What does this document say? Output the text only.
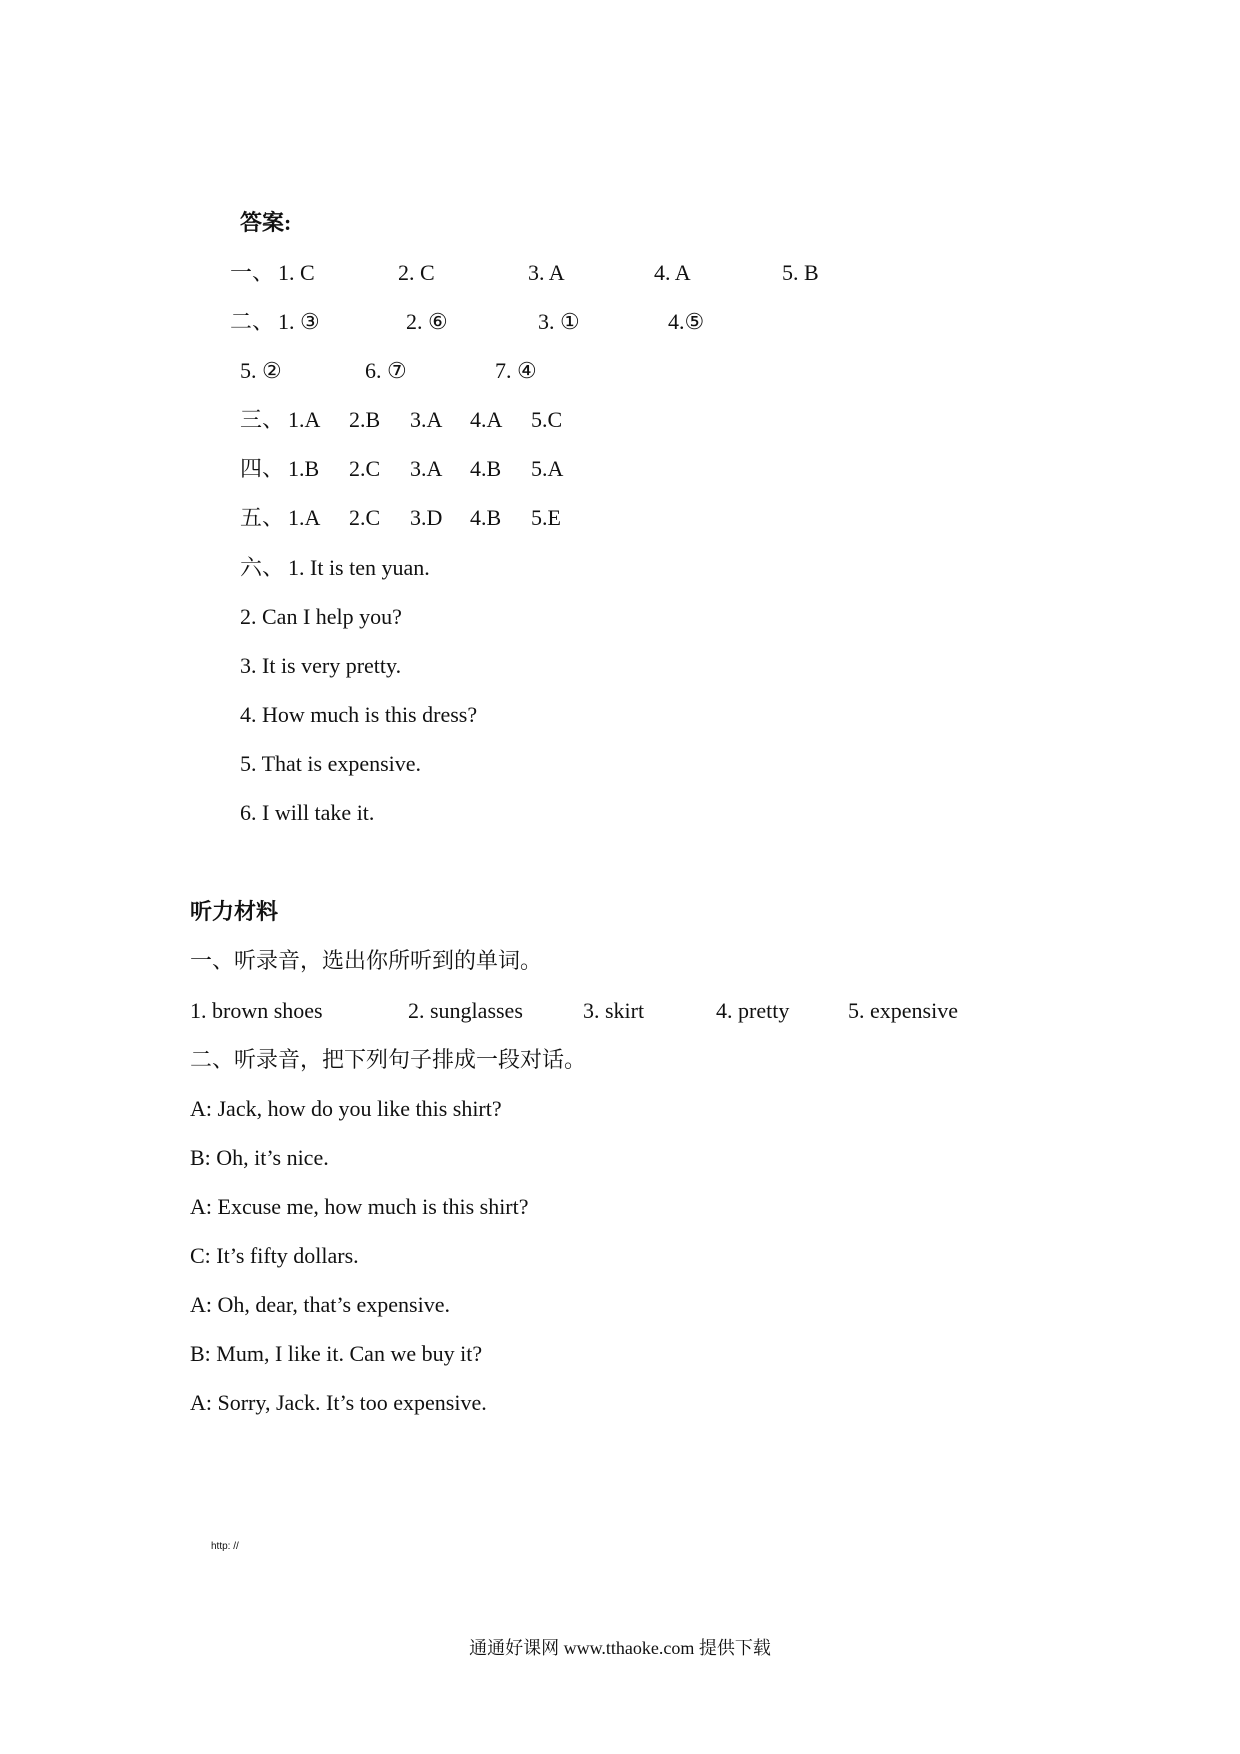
答案:
一、 1. C	2. C	3. A	4. A	5. B
二、 1. ③	2. ⑥	3. ①	4.⑤
5. ②	6. ⑦	7. ④
三、 1.A 2.B 3.A 4.A 5.C
四、 1.B 2.C 3.A 4.B 5.A
五、 1.A 2.C 3.D 4.B 5.E
六、 1. It is ten yuan.
2. Can I help you?
3. It is very pretty.
4. How much is this dress?
5. That is expensive.
6. I will take it.
听力材料
一、听录音，选出你所听到的单词。
1. brown shoes	2. sunglasses	3. skirt	4. pretty	5. expensive
二、听录音，把下列句子排成一段对话。
A: Jack, how do you like this shirt?
B: Oh, it’s nice.
A: Excuse me, how much is this shirt?
C: It’s fifty dollars.
A: Oh, dear, that’s expensive.
B: Mum, I like it. Can we buy it?
A: Sorry, Jack. It’s too expensive.
http: //
通通好课网 www.tthaoke.com 提供下载
